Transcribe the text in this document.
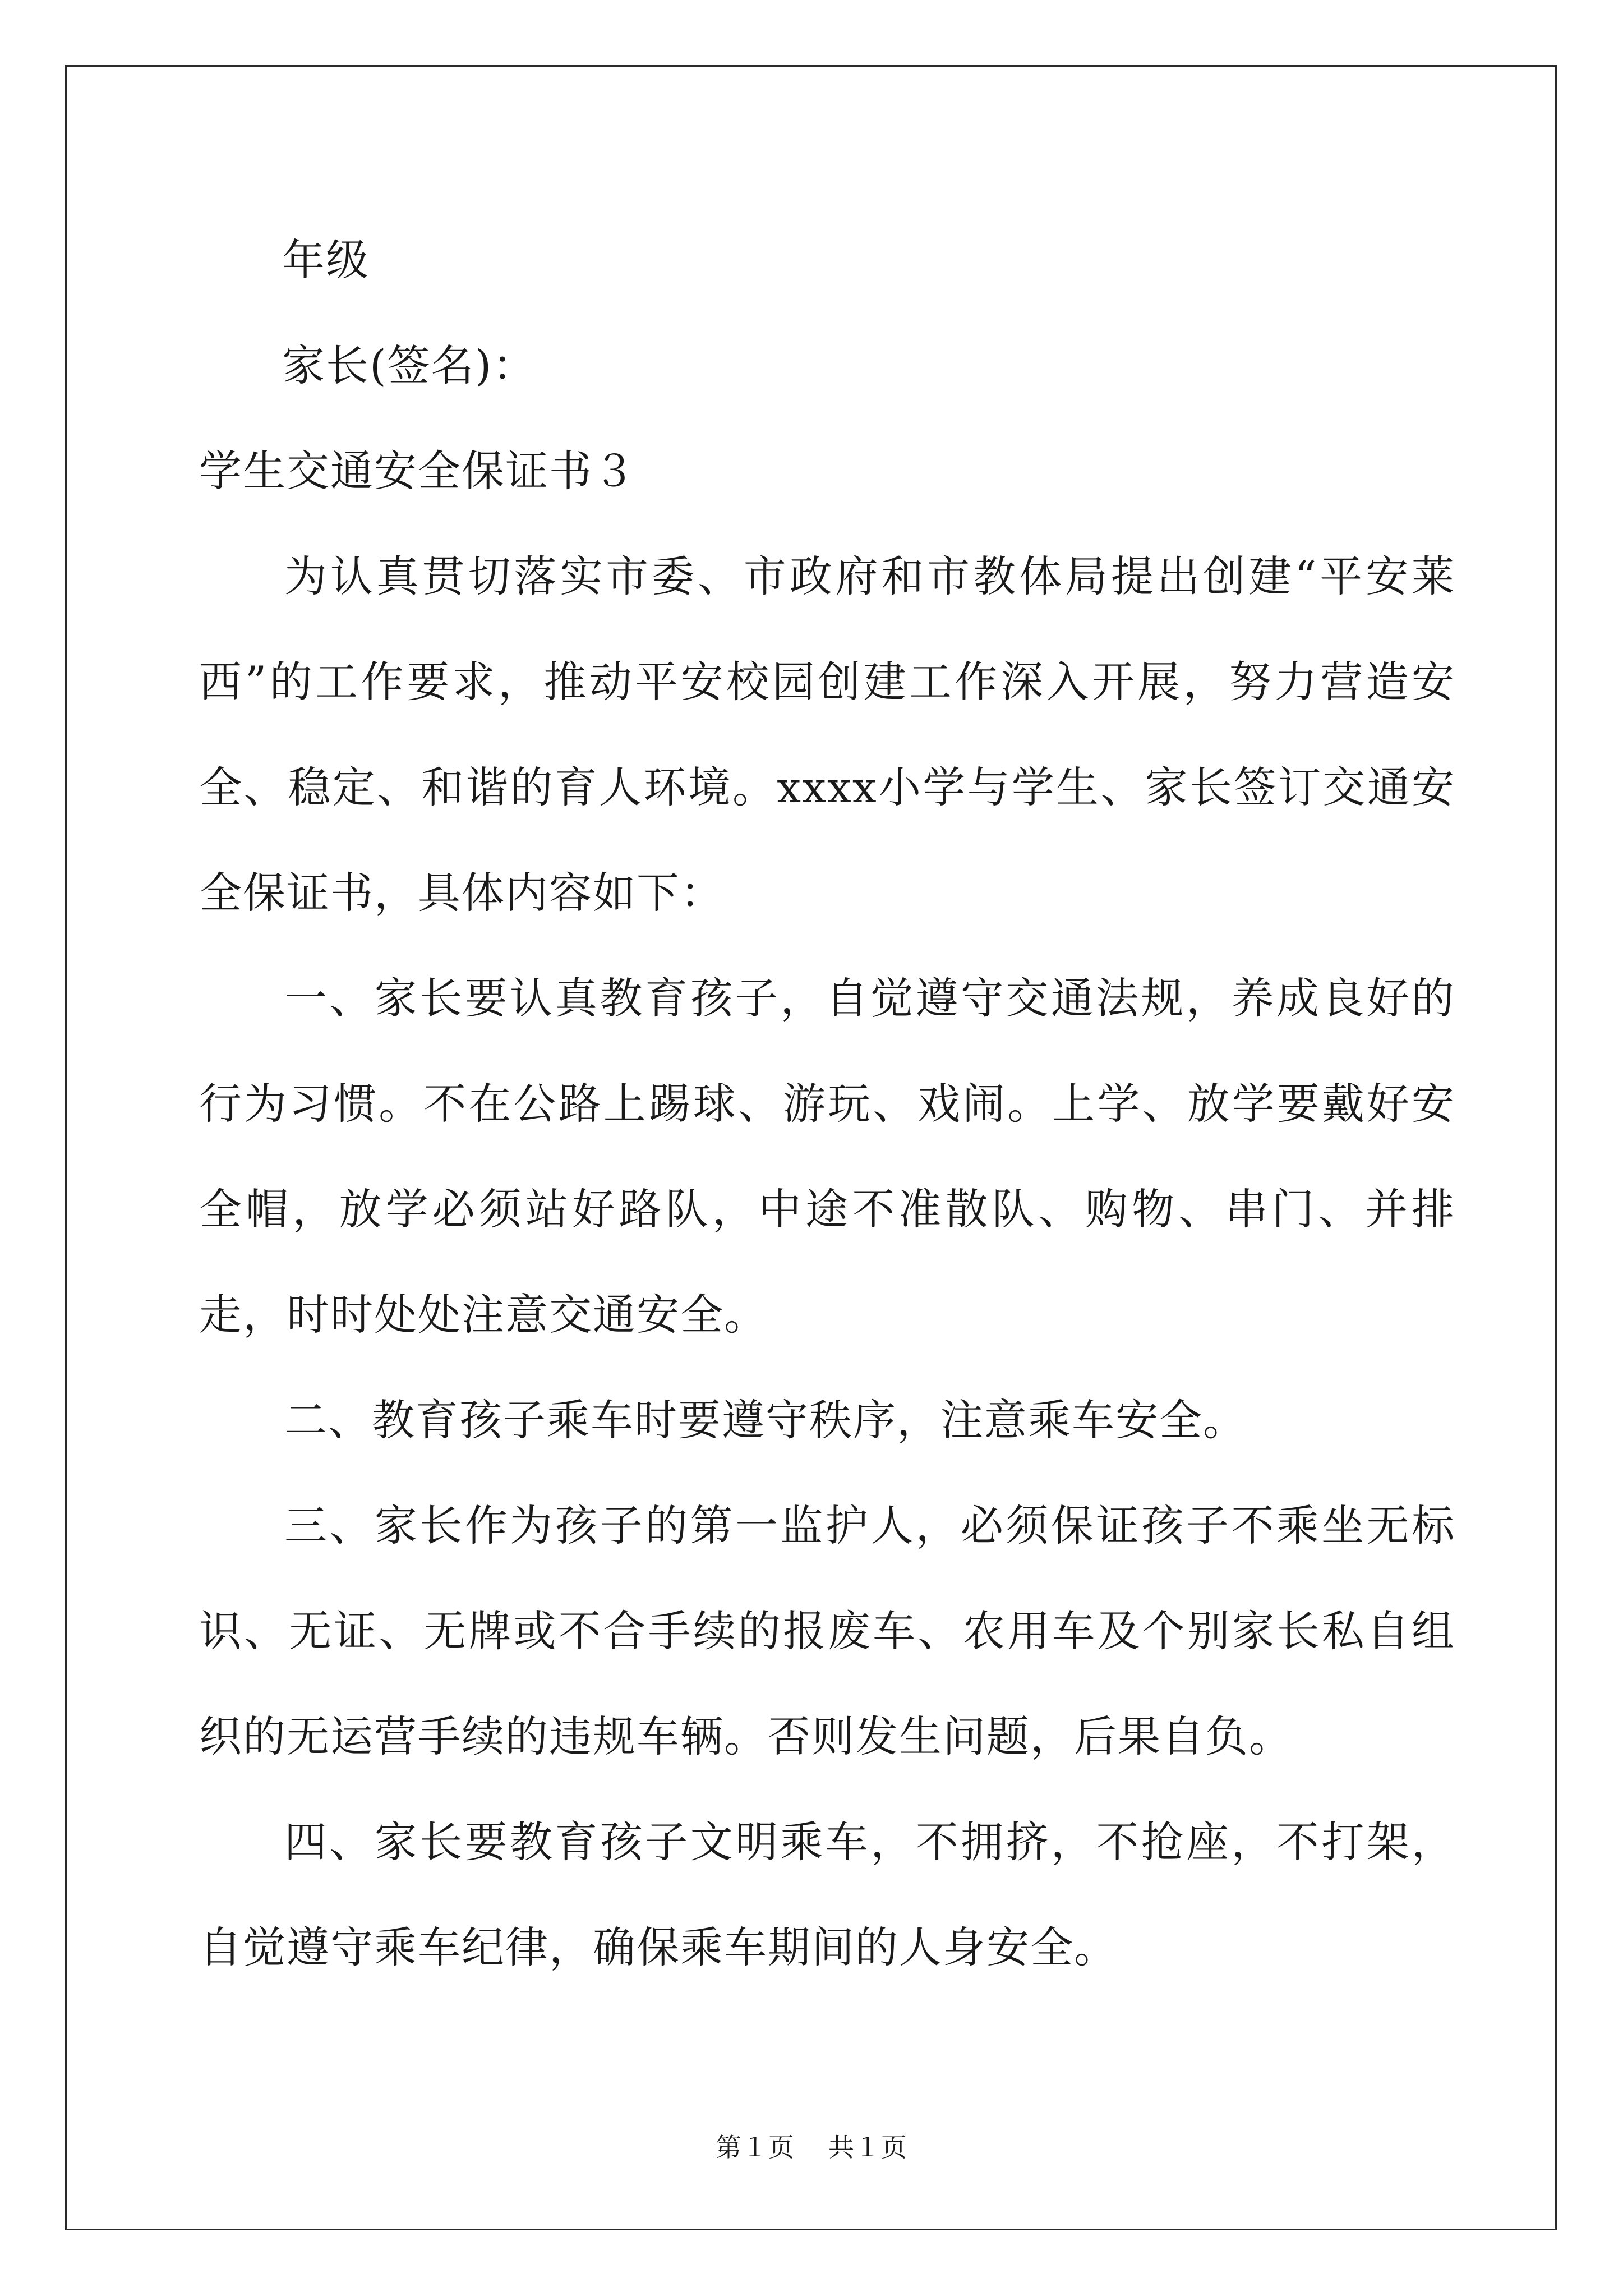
年级
家长(签名)：
学生交通安全保证书３

为认真贯切落实市委、市政府和市教体局提出创建“平安莱西”的工作要求，推动平安校园创建工作深入开展，努力营造安全、稳定、和谐的育人环境。xxxx小学与学生、家长签订交通安全保证书，具体内容如下：

一、家长要认真教育孩子，自觉遵守交通法规，养成良好的行为习惯。不在公路上踢球、游玩、戏闹。上学、放学要戴好安全帽，放学必须站好路队，中途不准散队、购物、串门、并排走，时时处处注意交通安全。

二、教育孩子乘车时要遵守秩序，注意乘车安全。

三、家长作为孩子的第一监护人，必须保证孩子不乘坐无标识、无证、无牌或不合手续的报废车、农用车及个别家长私自组织的无运营手续的违规车辆。否则发生问题，后果自负。

四、家长要教育孩子文明乘车，不拥挤，不抢座，不打架，自觉遵守乘车纪律，确保乘车期间的人身安全。

第１页 共１页
